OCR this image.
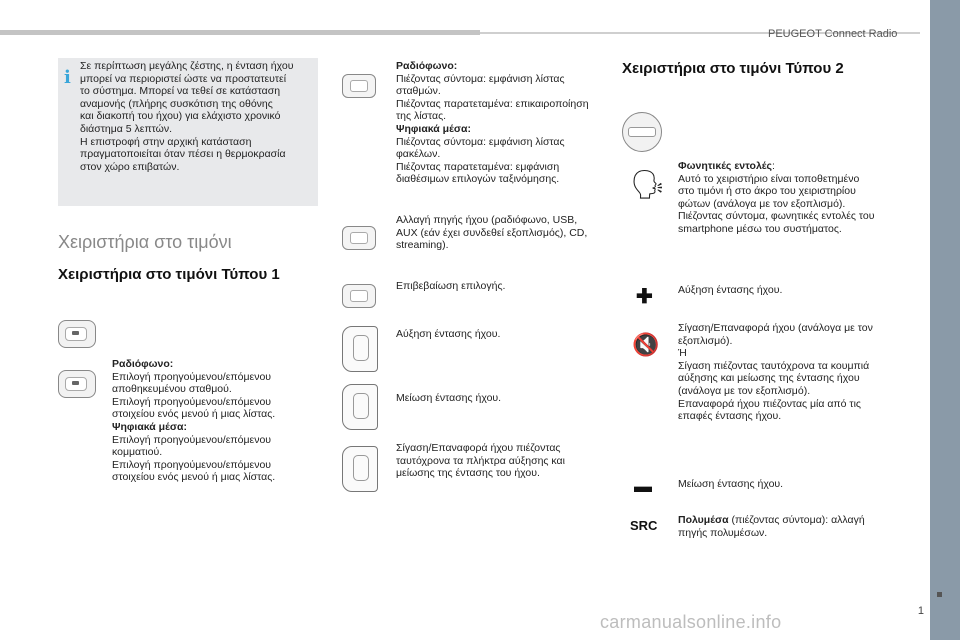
PEUGEOT Connect Radio
1
carmanualsonline.info
i
Σε περίπτωση μεγάλης ζέστης, η ένταση ήχου
μπορεί να περιοριστεί ώστε να προστατευτεί
το σύστημα. Μπορεί να τεθεί σε κατάσταση
αναμονής (πλήρης συσκότιση της οθόνης
και διακοπή του ήχου) για ελάχιστο χρονικό
διάστημα 5 λεπτών.
Η επιστροφή στην αρχική κατάσταση
πραγματοποιείται όταν πέσει η θερμοκρασία
στον χώρο επιβατών.
Χειριστήρια στο τιμόνι
Χειριστήρια στο τιμόνι Τύπου 1
Ραδιόφωνο:
Επιλογή προηγούμενου/επόμενου
αποθηκευμένου σταθμού.
Επιλογή προηγούμενου/επόμενου
στοιχείου ενός μενού ή μιας λίστας.
Ψηφιακά μέσα:
Επιλογή προηγούμενου/επόμενου
κομματιού.
Επιλογή προηγούμενου/επόμενου
στοιχείου ενός μενού ή μιας λίστας.
Ραδιόφωνο:
Πιέζοντας σύντομα: εμφάνιση λίστας
σταθμών.
Πιέζοντας παρατεταμένα: επικαιροποίηση
της λίστας.
Ψηφιακά μέσα:
Πιέζοντας σύντομα: εμφάνιση λίστας
φακέλων.
Πιέζοντας παρατεταμένα: εμφάνιση
διαθέσιμων επιλογών ταξινόμησης.
Αλλαγή πηγής ήχου (ραδιόφωνο, USB,
AUX (εάν έχει συνδεθεί εξοπλισμός), CD,
streaming).
Επιβεβαίωση επιλογής.
Αύξηση έντασης ήχου.
Μείωση έντασης ήχου.
Σίγαση/Επαναφορά ήχου πιέζοντας
ταυτόχρονα τα πλήκτρα αύξησης και
μείωσης της έντασης του ήχου.
Χειριστήρια στο τιμόνι Τύπου 2
🗣
Φωνητικές εντολές:
Αυτό το χειριστήριο είναι τοποθετημένο
στο τιμόνι ή στο άκρο του χειριστηρίου
φώτων (ανάλογα με τον εξοπλισμό).
Πιέζοντας σύντομα, φωνητικές εντολές του
smartphone μέσω του συστήματος.
✚ Αύξηση έντασης ήχου.
🔇
Σίγαση/Επαναφορά ήχου (ανάλογα με τον
εξοπλισμό).
Ή
Σίγαση πιέζοντας ταυτόχρονα τα κουμπιά
αύξησης και μείωσης της έντασης ήχου
(ανάλογα με τον εξοπλισμό).
Επαναφορά ήχου πιέζοντας μία από τις
επαφές έντασης ήχου.
▬ Μείωση έντασης ήχου.
SRC Πολυμέσα (πιέζοντας σύντομα): αλλαγή
πηγής πολυμέσων.
